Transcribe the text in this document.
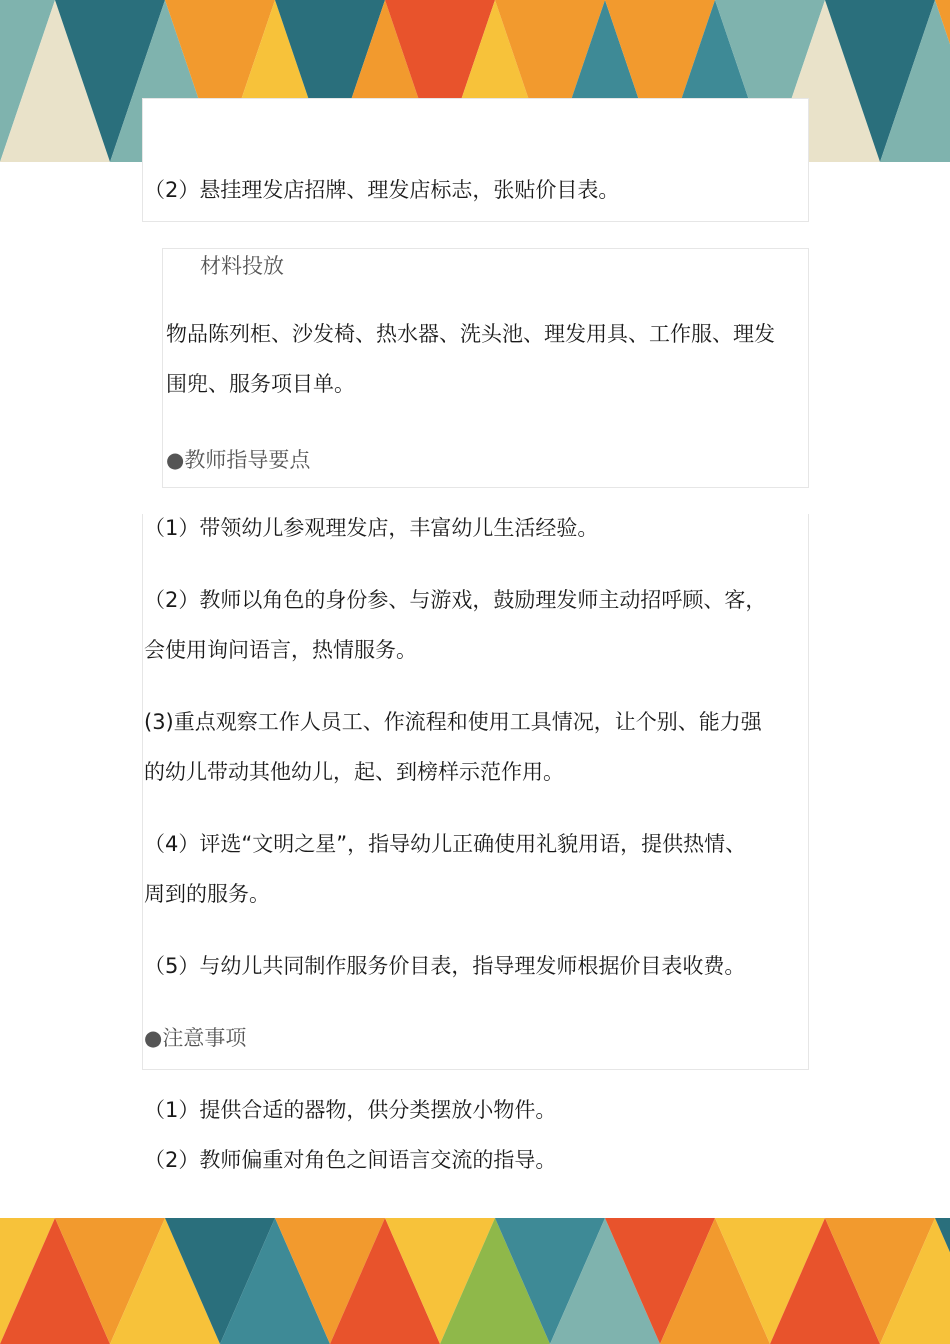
（2）悬挂理发店招牌、理发店标志，张贴价目表。
材料投放
物品陈列柜、沙发椅、热水器、洗头池、理发用具、工作服、理发
围兜、服务项目单。
●教师指导要点
（1）带领幼儿参观理发店，丰富幼儿生活经验。
（2）教师以角色的身份参、与游戏，鼓励理发师主动招呼顾、客，
会使用询问语言，热情服务。
(3)重点观察工作人员工、作流程和使用工具情况，让个别、能力强
的幼儿带动其他幼儿，起、到榜样示范作用。
（4）评选“文明之星”，指导幼儿正确使用礼貌用语，提供热情、
周到的服务。
（5）与幼儿共同制作服务价目表，指导理发师根据价目表收费。
●注意事项
（1）提供合适的器物，供分类摆放小物件。
（2）教师偏重对角色之间语言交流的指导。
